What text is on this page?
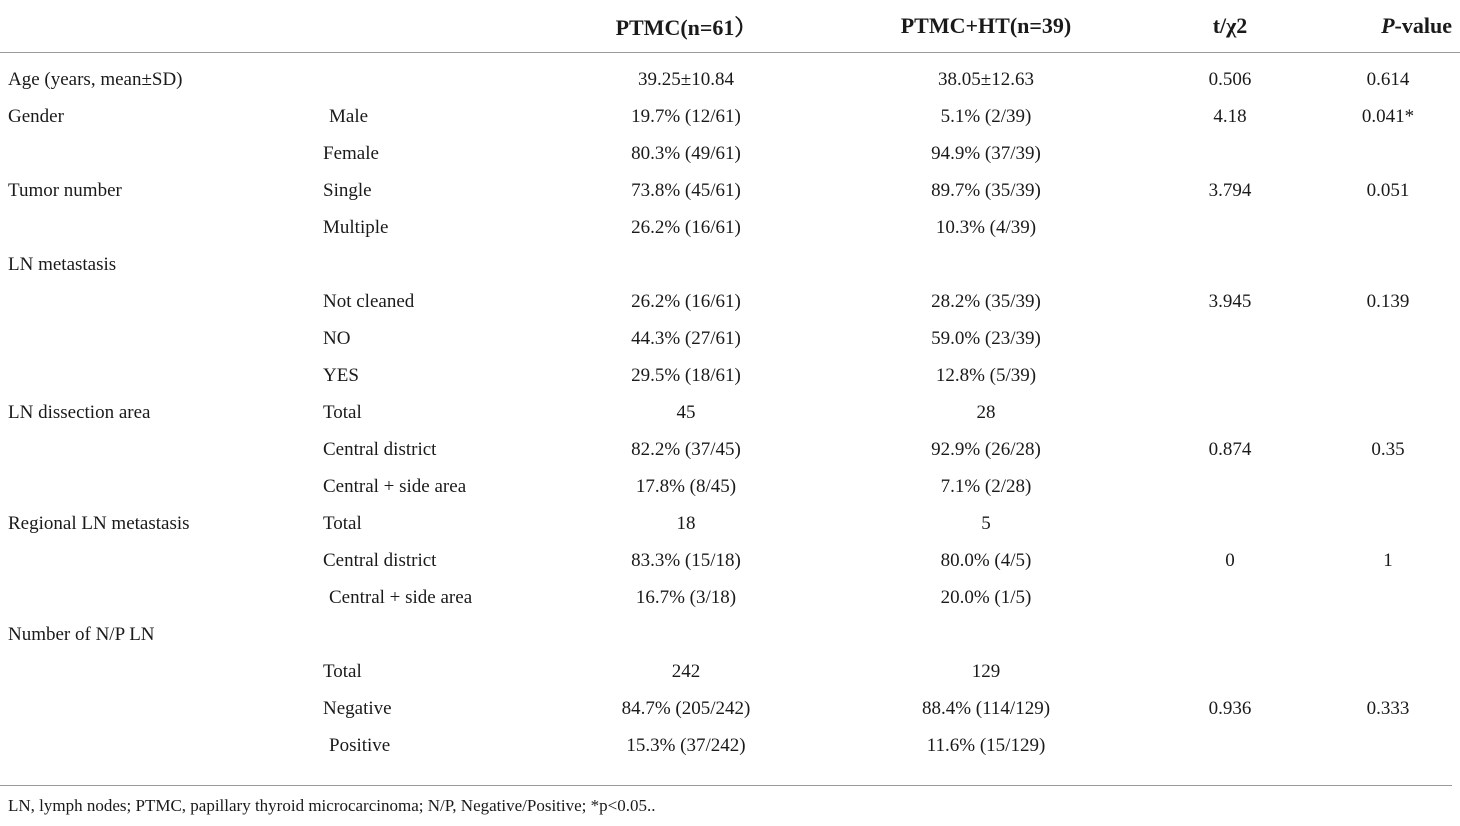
		PTMC(n=61）	PTMC+HT(n=39)	t/χ2	P-value
Age (years, mean±SD)		39.25±10.84	38.05±12.63	0.506	0.614
Gender	Male	19.7% (12/61)	5.1% (2/39)	4.18	0.041*
	Female	80.3% (49/61)	94.9% (37/39)		
Tumor number	Single	73.8% (45/61)	89.7% (35/39)	3.794	0.051
	Multiple	26.2% (16/61)	10.3% (4/39)		
LN metastasis					
	Not cleaned	26.2% (16/61)	28.2% (35/39)	3.945	0.139
	NO	44.3% (27/61)	59.0% (23/39)		
	YES	29.5% (18/61)	12.8% (5/39)		
LN dissection area	Total	45	28		
	Central district	82.2% (37/45)	92.9% (26/28)	0.874	0.35
	Central + side area	17.8% (8/45)	7.1% (2/28)		
Regional LN metastasis	Total	18	5		
	Central district	83.3% (15/18)	80.0% (4/5)	0	1
	Central + side area	16.7% (3/18)	20.0% (1/5)		
Number of N/P LN					
	Total	242	129		
	Negative	84.7% (205/242)	88.4% (114/129)	0.936	0.333
	Positive	15.3% (37/242)	11.6% (15/129)		
LN, lymph nodes; PTMC, papillary thyroid microcarcinoma; N/P, Negative/Positive; *p<0.05..
